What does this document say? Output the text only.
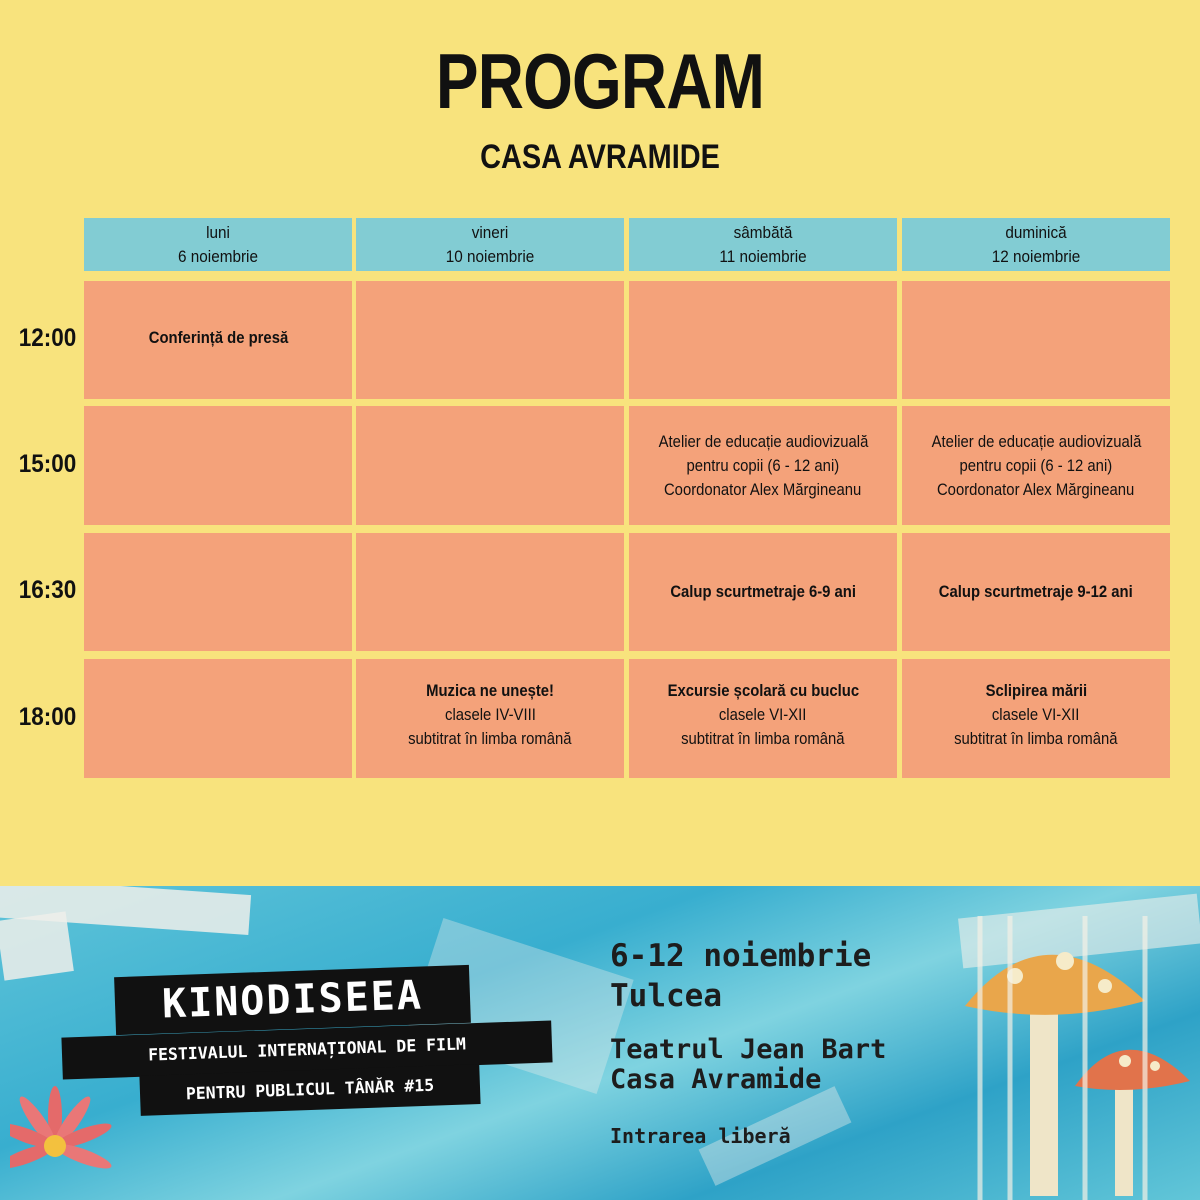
PROGRAM
CASA AVRAMIDE
luni
6 noiembrie
vineri
10 noiembrie
sâmbătă
11 noiembrie
duminică
12 noiembrie
12:00
15:00
16:30
18:00
Conferință de presă
Atelier de educație audiovizuală
pentru copii (6 - 12 ani)
Coordonator Alex Mărgineanu
Atelier de educație audiovizuală
pentru copii (6 - 12 ani)
Coordonator Alex Mărgineanu
Calup scurtmetraje 6-9 ani	Calup scurtmetraje 9-12 ani
Muzica ne unește!
clasele IV-VIII
subtitrat în limba română
Excursie școlară cu bucluc
clasele VI-XII
subtitrat în limba română
Sclipirea mării
clasele VI-XII
subtitrat în limba română
KINODISEEA
FESTIVALUL INTERNAȚIONAL DE FILM
PENTRU PUBLICUL TÂNĂR #15
6-12 noiembrie
Tulcea
Teatrul Jean Bart
Casa Avramide
Intrarea liberă
